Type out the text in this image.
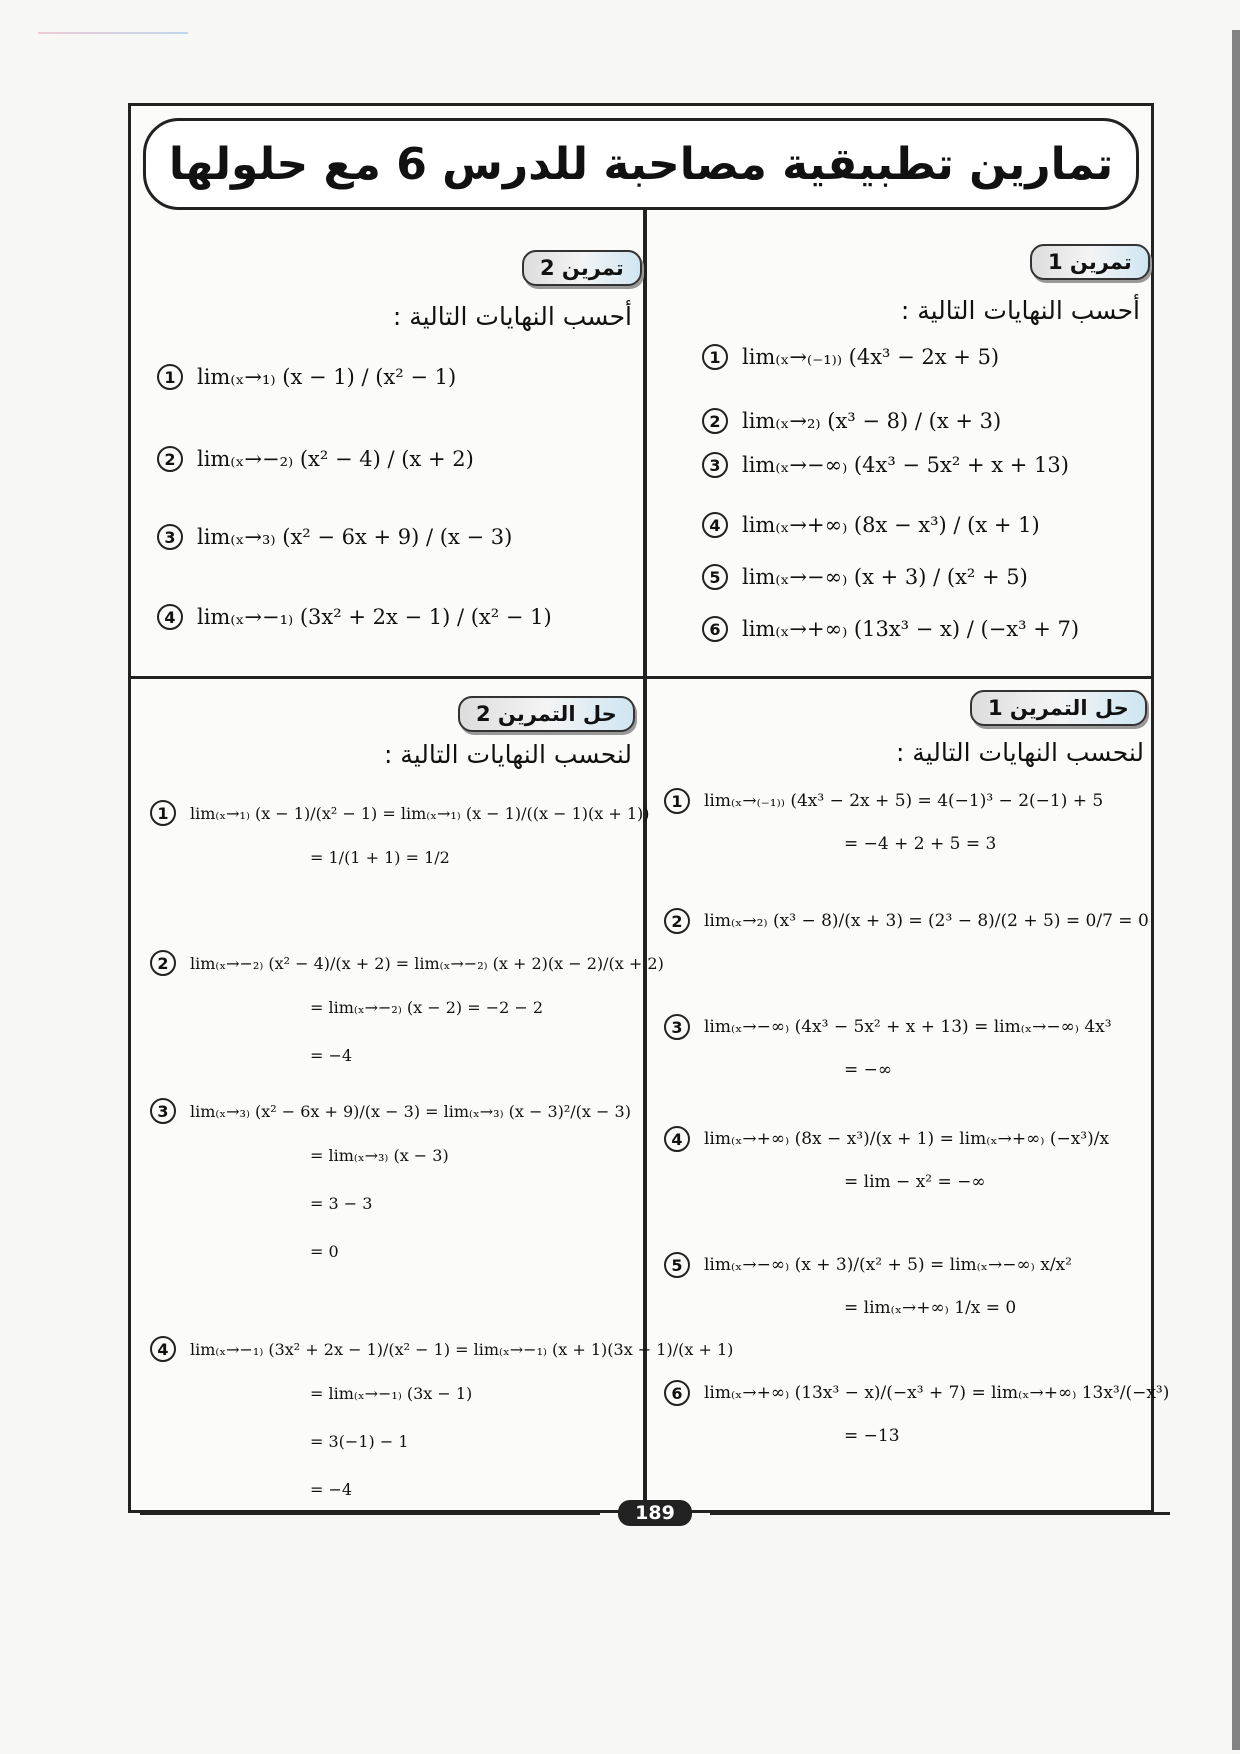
تمارين تطبيقية مصاحبة للدرس 6 مع حلولها
تمرين 1
أحسب النهايات التالية :
1	lim₍ₓ→₍₋₁₎₎ (4x³ − 2x + 5)
2	lim₍ₓ→₂₎ (x³ − 8) / (x + 3)
3	lim₍ₓ→−∞₎ (4x³ − 5x² + x + 13)
4	lim₍ₓ→+∞₎ (8x − x³) / (x + 1)
5	lim₍ₓ→−∞₎ (x + 3) / (x² + 5)
6	lim₍ₓ→+∞₎ (13x³ − x) / (−x³ + 7)
تمرين 2
أحسب النهايات التالية :
1	lim₍ₓ→₁₎ (x − 1) / (x² − 1)
2	lim₍ₓ→−₂₎ (x² − 4) / (x + 2)
3	lim₍ₓ→₃₎ (x² − 6x + 9) / (x − 3)
4	lim₍ₓ→−₁₎ (3x² + 2x − 1) / (x² − 1)
حل التمرين 1
لنحسب النهايات التالية :
1	lim₍ₓ→₍₋₁₎₎ (4x³ − 2x + 5) = 4(−1)³ − 2(−1) + 5
= −4 + 2 + 5 = 3
2	lim₍ₓ→₂₎ (x³ − 8)/(x + 3) = (2³ − 8)/(2 + 5) = 0/7 = 0
3	lim₍ₓ→−∞₎ (4x³ − 5x² + x + 13) = lim₍ₓ→−∞₎ 4x³
= −∞
4	lim₍ₓ→+∞₎ (8x − x³)/(x + 1) = lim₍ₓ→+∞₎ (−x³)/x
= lim − x² = −∞
5	lim₍ₓ→−∞₎ (x + 3)/(x² + 5) = lim₍ₓ→−∞₎ x/x²
= lim₍ₓ→+∞₎ 1/x = 0
6	lim₍ₓ→+∞₎ (13x³ − x)/(−x³ + 7) = lim₍ₓ→+∞₎ 13x³/(−x³)
= −13
حل التمرين 2
لنحسب النهايات التالية :
1	lim₍ₓ→₁₎ (x − 1)/(x² − 1) = lim₍ₓ→₁₎ (x − 1)/((x − 1)(x + 1))
= 1/(1 + 1) = 1/2
2	lim₍ₓ→−₂₎ (x² − 4)/(x + 2) = lim₍ₓ→−₂₎ (x + 2)(x − 2)/(x + 2)
= lim₍ₓ→−₂₎ (x − 2) = −2 − 2
= −4
3	lim₍ₓ→₃₎ (x² − 6x + 9)/(x − 3) = lim₍ₓ→₃₎ (x − 3)²/(x − 3)
= lim₍ₓ→₃₎ (x − 3)
= 3 − 3
= 0
4	lim₍ₓ→−₁₎ (3x² + 2x − 1)/(x² − 1) = lim₍ₓ→−₁₎ (x + 1)(3x − 1)/(x + 1)
= lim₍ₓ→−₁₎ (3x − 1)
= 3(−1) − 1
= −4
189
